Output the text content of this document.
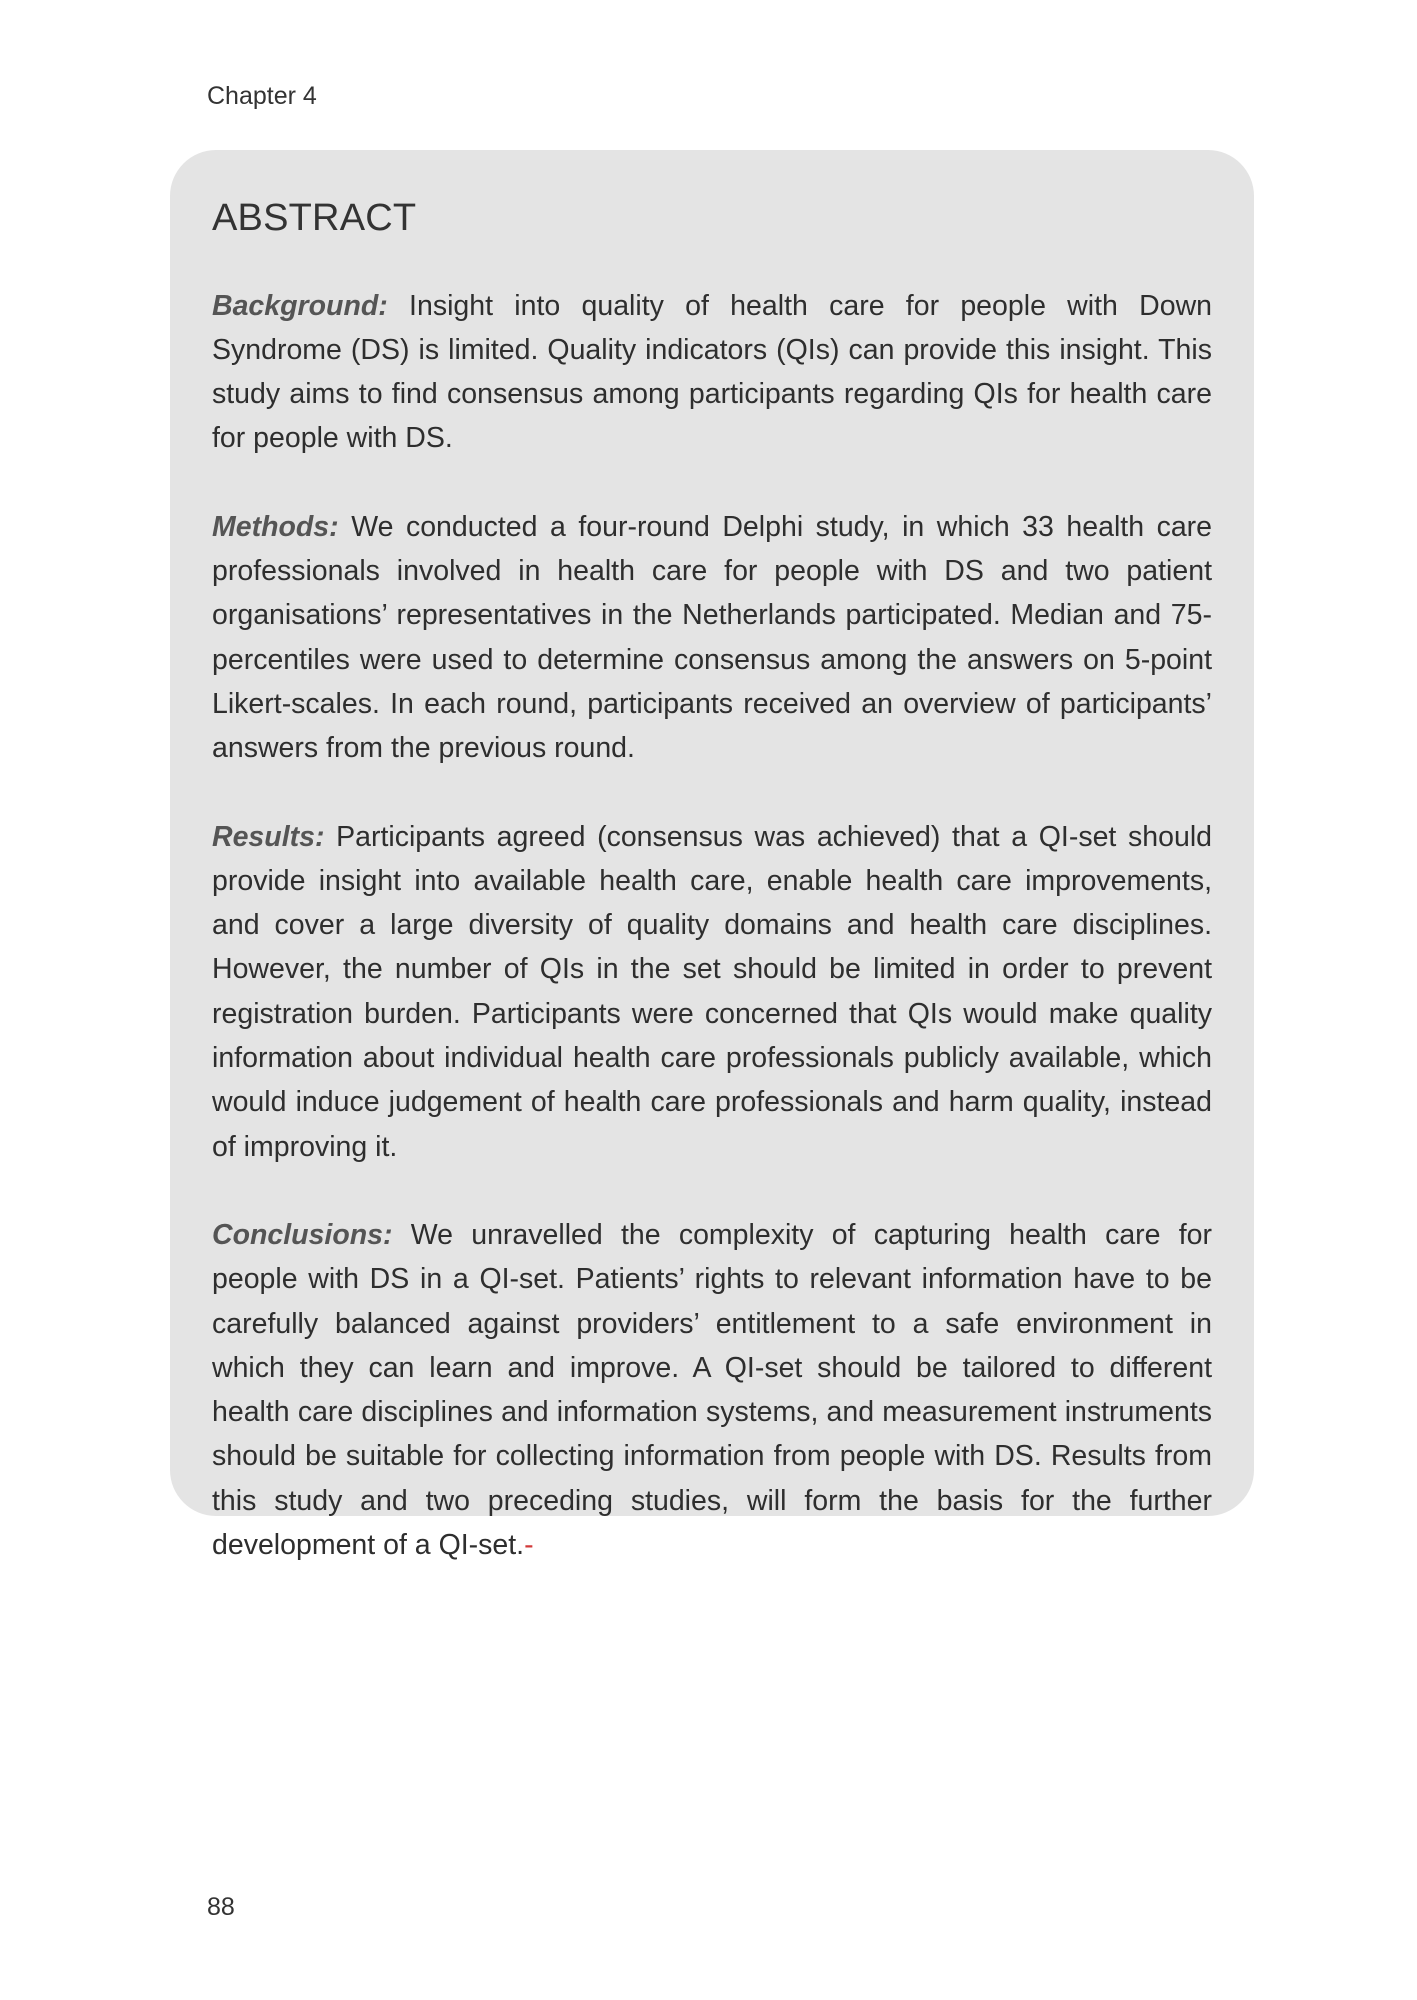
Chapter 4
ABSTRACT

Background: Insight into quality of health care for people with Down Syndrome (DS) is limited. Quality indicators (QIs) can provide this insight. This study aims to find consensus among participants regarding QIs for health care for people with DS.

Methods: We conducted a four-round Delphi study, in which 33 health care professionals involved in health care for people with DS and two patient organisations’ representatives in the Netherlands participated. Median and 75-percentiles were used to determine consensus among the answers on 5-point Likert-scales. In each round, participants received an overview of participants’ answers from the previous round.

Results: Participants agreed (consensus was achieved) that a QI-set should provide insight into available health care, enable health care improvements, and cover a large diversity of quality domains and health care disciplines. However, the number of QIs in the set should be limited in order to prevent registration burden. Participants were concerned that QIs would make quality information about individual health care professionals publicly available, which would induce judgement of health care professionals and harm quality, instead of improving it.

Conclusions: We unravelled the complexity of capturing health care for people with DS in a QI-set. Patients’ rights to relevant information have to be carefully balanced against providers’ entitlement to a safe environment in which they can learn and improve. A QI-set should be tailored to different health care disciplines and information systems, and measurement instruments should be suitable for collecting information from people with DS. Results from this study and two preceding studies, will form the basis for the further development of a QI-set.-

88
